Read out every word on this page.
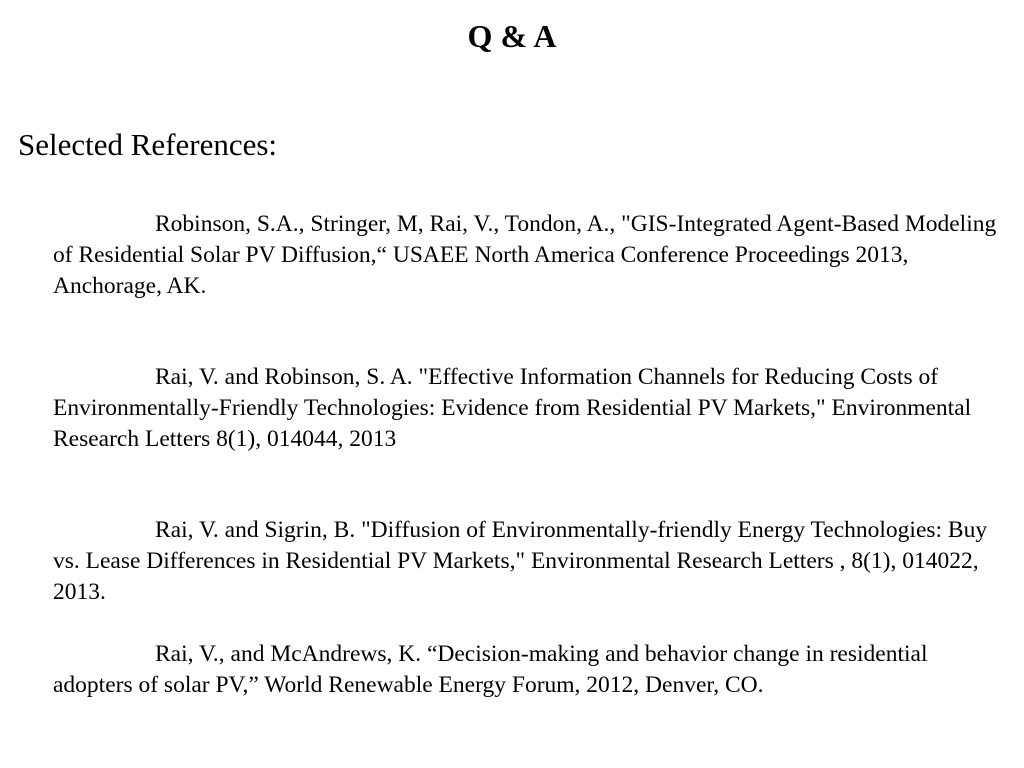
Q & A
Selected References:

Robinson, S.A., Stringer, M, Rai, V., Tondon, A., "GIS-Integrated Agent-Based Modeling of Residential Solar PV Diffusion,“ USAEE North America Conference Proceedings 2013, Anchorage, AK.

Rai, V. and Robinson, S. A. "Effective Information Channels for Reducing Costs of Environmentally-Friendly Technologies: Evidence from Residential PV Markets," Environmental Research Letters 8(1), 014044, 2013

Rai, V. and Sigrin, B. "Diffusion of Environmentally-friendly Energy Technologies: Buy vs. Lease Differences in Residential PV Markets," Environmental Research Letters , 8(1), 014022, 2013.

Rai, V., and McAndrews, K. “Decision-making and behavior change in residential adopters of solar PV,” World Renewable Energy Forum, 2012, Denver, CO.
